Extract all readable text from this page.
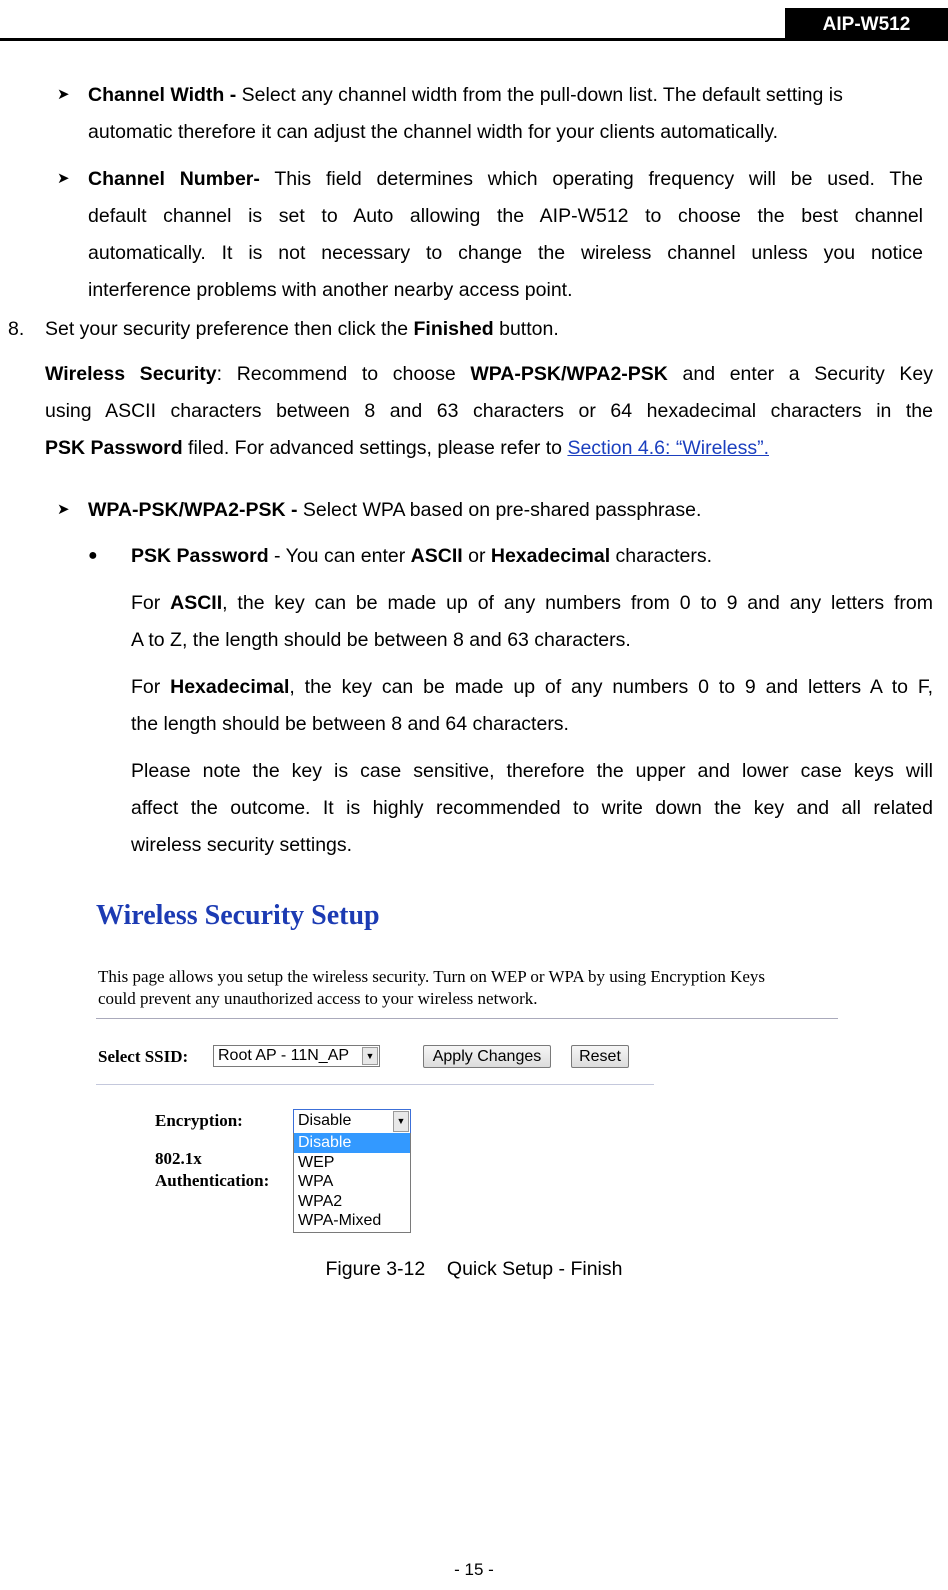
AIP-W512
➤ Channel Width - Select any channel width from the pull-down list. The default setting is
automatic therefore it can adjust the channel width for your clients automatically.
➤ Channel Number- This field determines which operating frequency will be used. The
default channel is set to Auto allowing the AIP-W512 to choose the best channel
automatically. It is not necessary to change the wireless channel unless you notice
interference problems with another nearby access point.
8. Set your security preference then click the Finished button.
Wireless Security: Recommend to choose WPA-PSK/WPA2-PSK and enter a Security Key
using ASCII characters between 8 and 63 characters or 64 hexadecimal characters in the
PSK Password filed. For advanced settings, please refer to Section 4.6: “Wireless”.
➤ WPA-PSK/WPA2-PSK - Select WPA based on pre-shared passphrase.
● PSK Password - You can enter ASCII or Hexadecimal characters.
For ASCII, the key can be made up of any numbers from 0 to 9 and any letters from
A to Z, the length should be between 8 and 63 characters.
For Hexadecimal, the key can be made up of any numbers 0 to 9 and letters A to F,
the length should be between 8 and 64 characters.
Please note the key is case sensitive, therefore the upper and lower case keys will
affect the outcome. It is highly recommended to write down the key and all related
wireless security settings.
Wireless Security Setup
This page allows you setup the wireless security. Turn on WEP or WPA by using Encryption Keys
could prevent any unauthorized access to your wireless network.
Select SSID: Root AP - 11N_AP	▼	Apply Changes	Reset
Encryption:	Disable	▼
Disable
WEP
WPA
WPA2
WPA-Mixed
802.1x
Authentication:
Figure 3-12    Quick Setup - Finish
- 15 -
